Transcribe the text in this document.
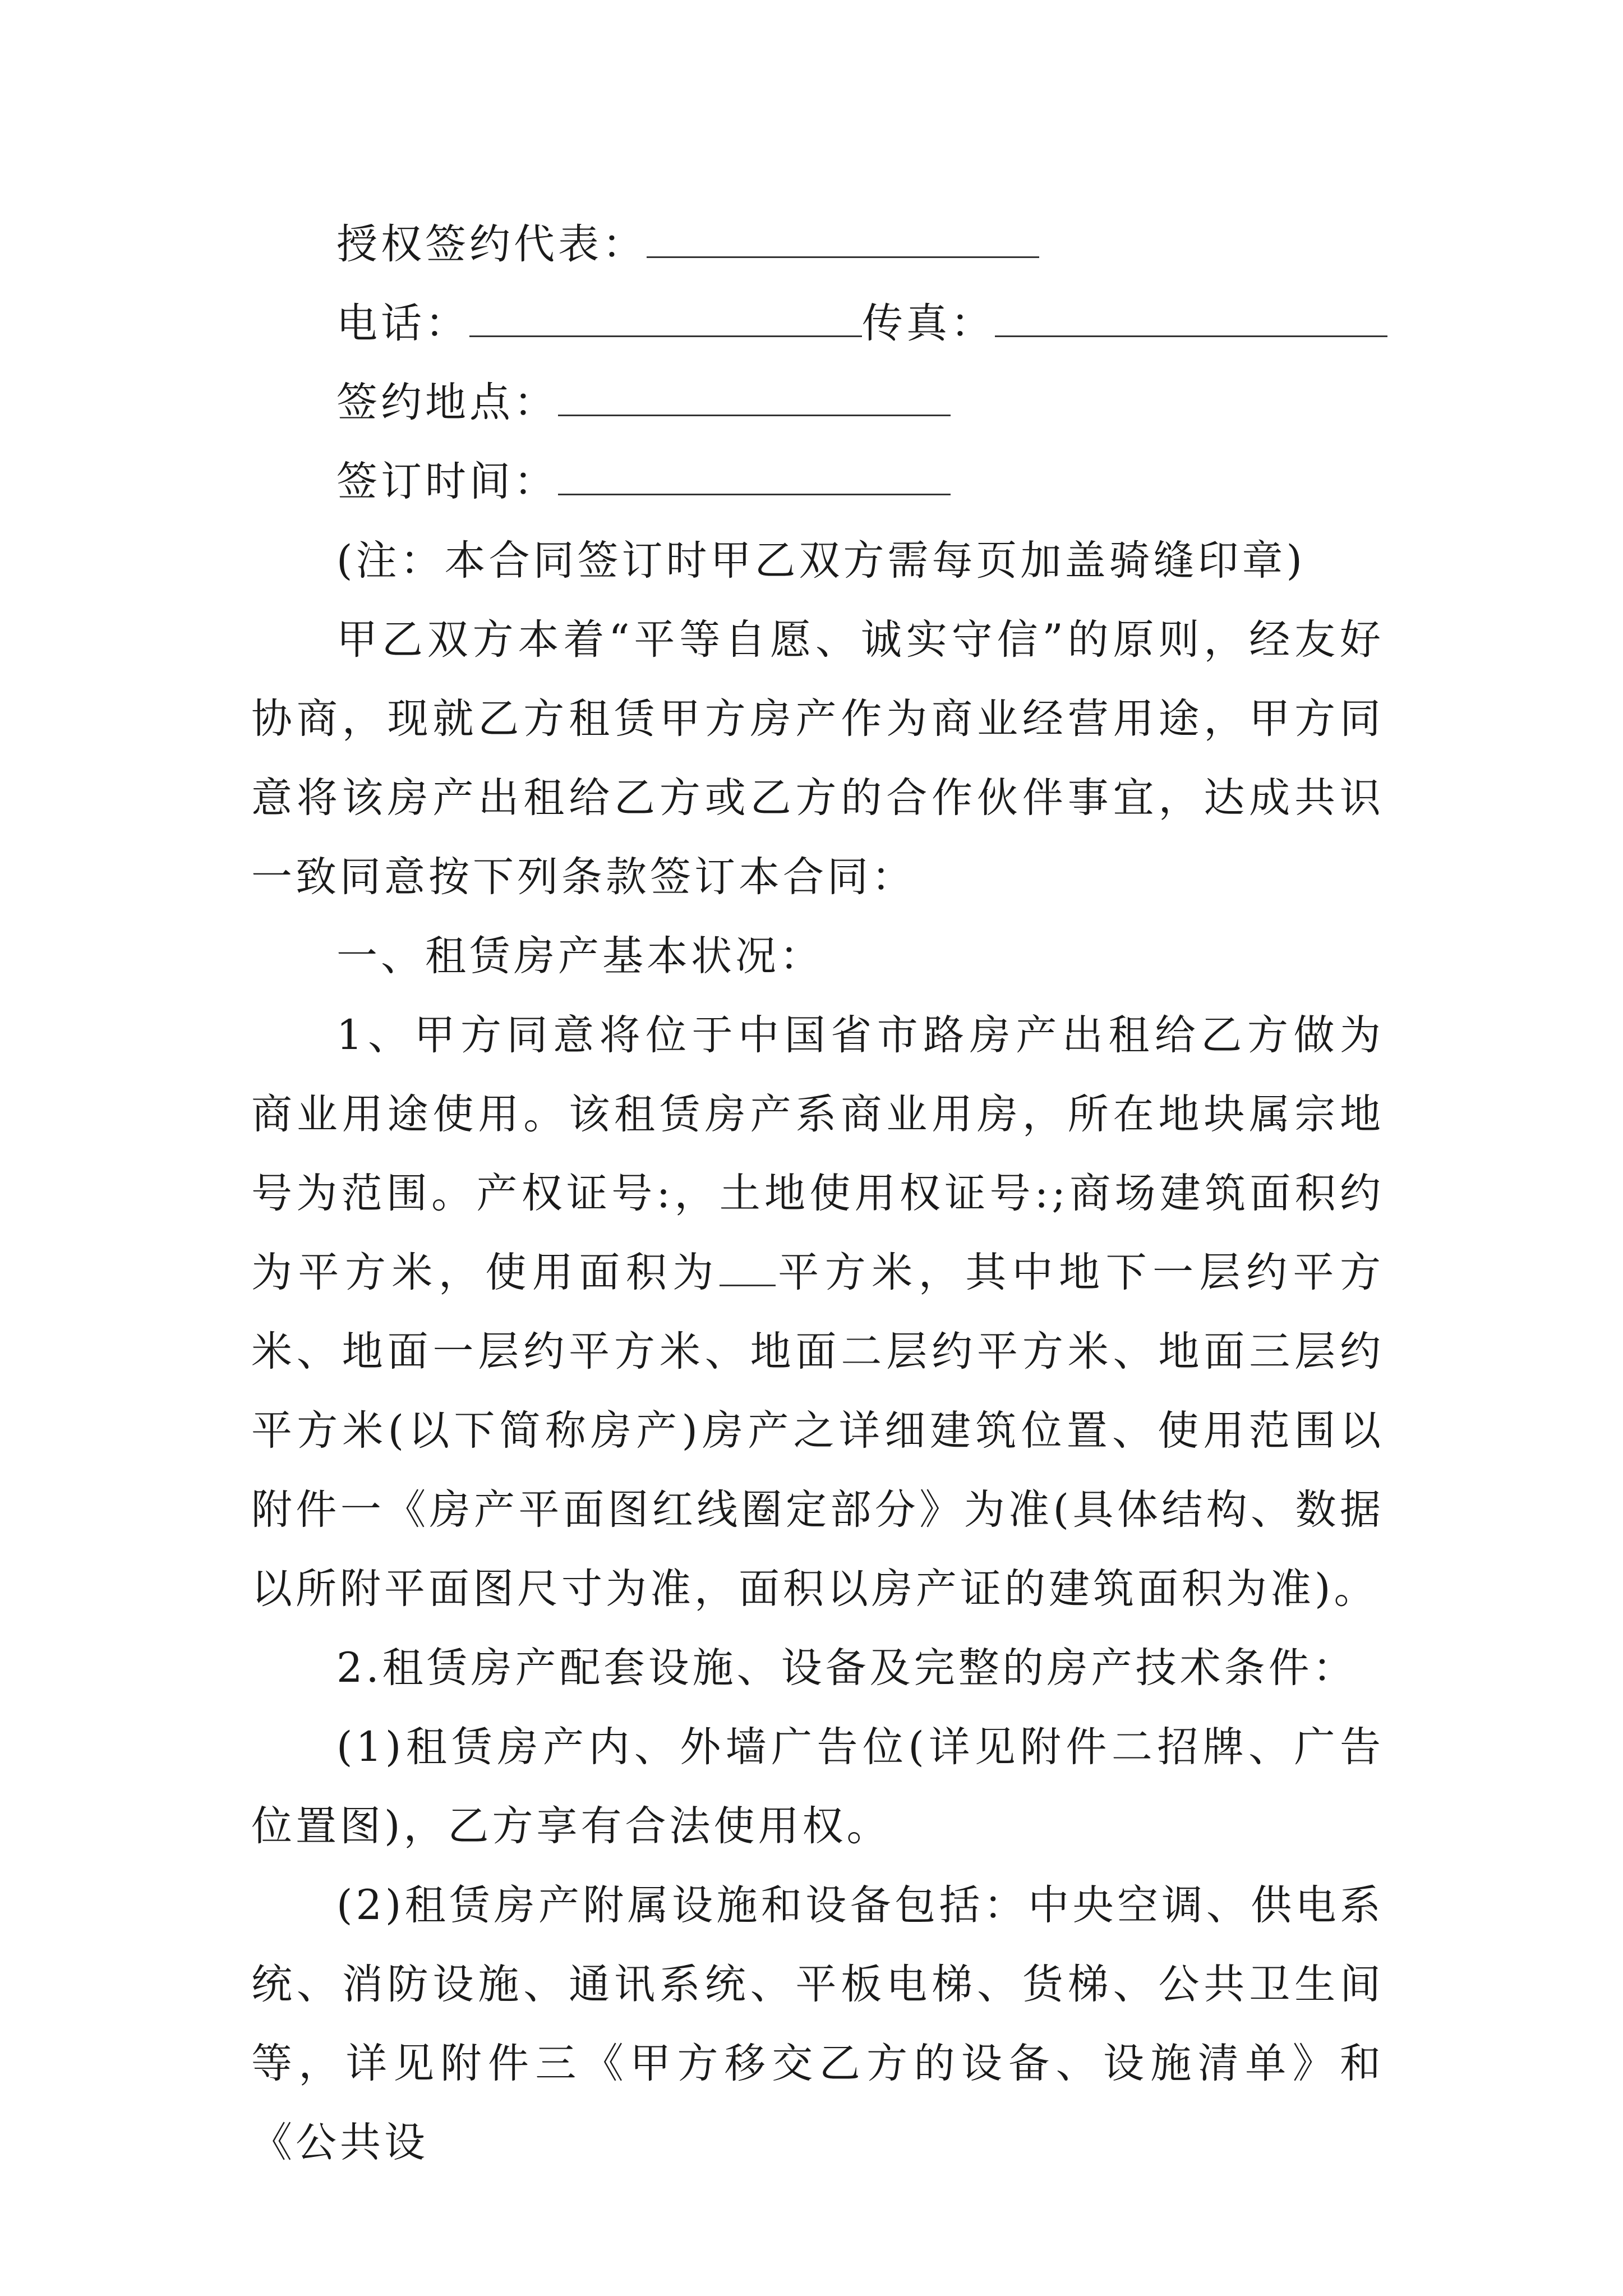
授权签约代表：
电话：	传真：
签约地点：
签订时间：
(注：本合同签订时甲乙双方需每页加盖骑缝印章)

甲乙双方本着“平等自愿、诚实守信”的原则，经友好协商，现就乙方租赁甲方房产作为商业经营用途，甲方同意将该房产出租给乙方或乙方的合作伙伴事宜，达成共识一致同意按下列条款签订本合同：

一、租赁房产基本状况：

1、甲方同意将位于中国省市路房产出租给乙方做为商业用途使用。该租赁房产系商业用房，所在地块属宗地号为范围。产权证号:，土地使用权证号:;商场建筑面积约为平方米，使用面积为 平方米，其中地下一层约平方米、地面一层约平方米、地面二层约平方米、地面三层约平方米(以下简称房产)房产之详细建筑位置、使用范围以附件一《房产平面图红线圈定部分》为准(具体结构、数据以所附平面图尺寸为准，面积以房产证的建筑面积为准)。

2.租赁房产配套设施、设备及完整的房产技术条件：

(1)租赁房产内、外墙广告位(详见附件二招牌、广告位置图)，乙方享有合法使用权。

(2)租赁房产附属设施和设备包括：中央空调、供电系统、消防设施、通讯系统、平板电梯、货梯、公共卫生间等，详见附件三《甲方移交乙方的设备、设施清单》和《公共设
